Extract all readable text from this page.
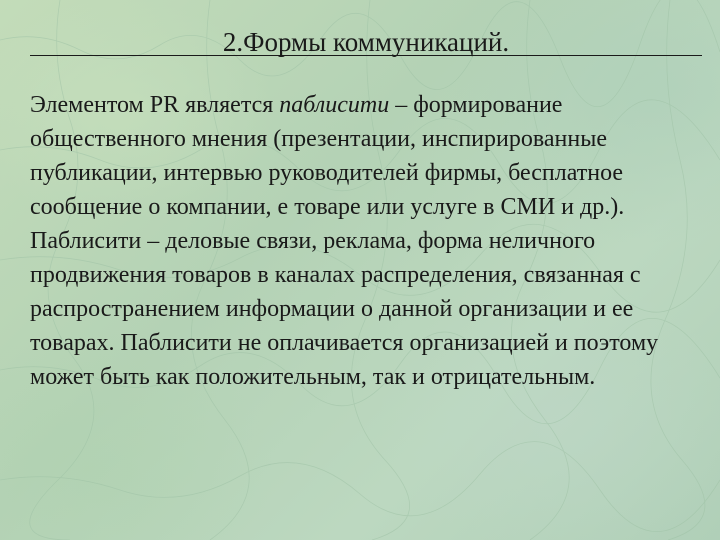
2.Формы коммуникаций.
Элементом PR является паблисити – формирование общественного мнения (презентации, инспирированные публикации, интервью руководителей фирмы, бесплатное сообщение о компании, е товаре или услуге в СМИ и др.).
Паблисити – деловые связи, реклама, форма неличного продвижения товаров в каналах распределения, связанная с распространением информации о данной организации и ее товарах. Паблисити не оплачивается организацией и поэтому может быть как положительным, так и отрицательным.
